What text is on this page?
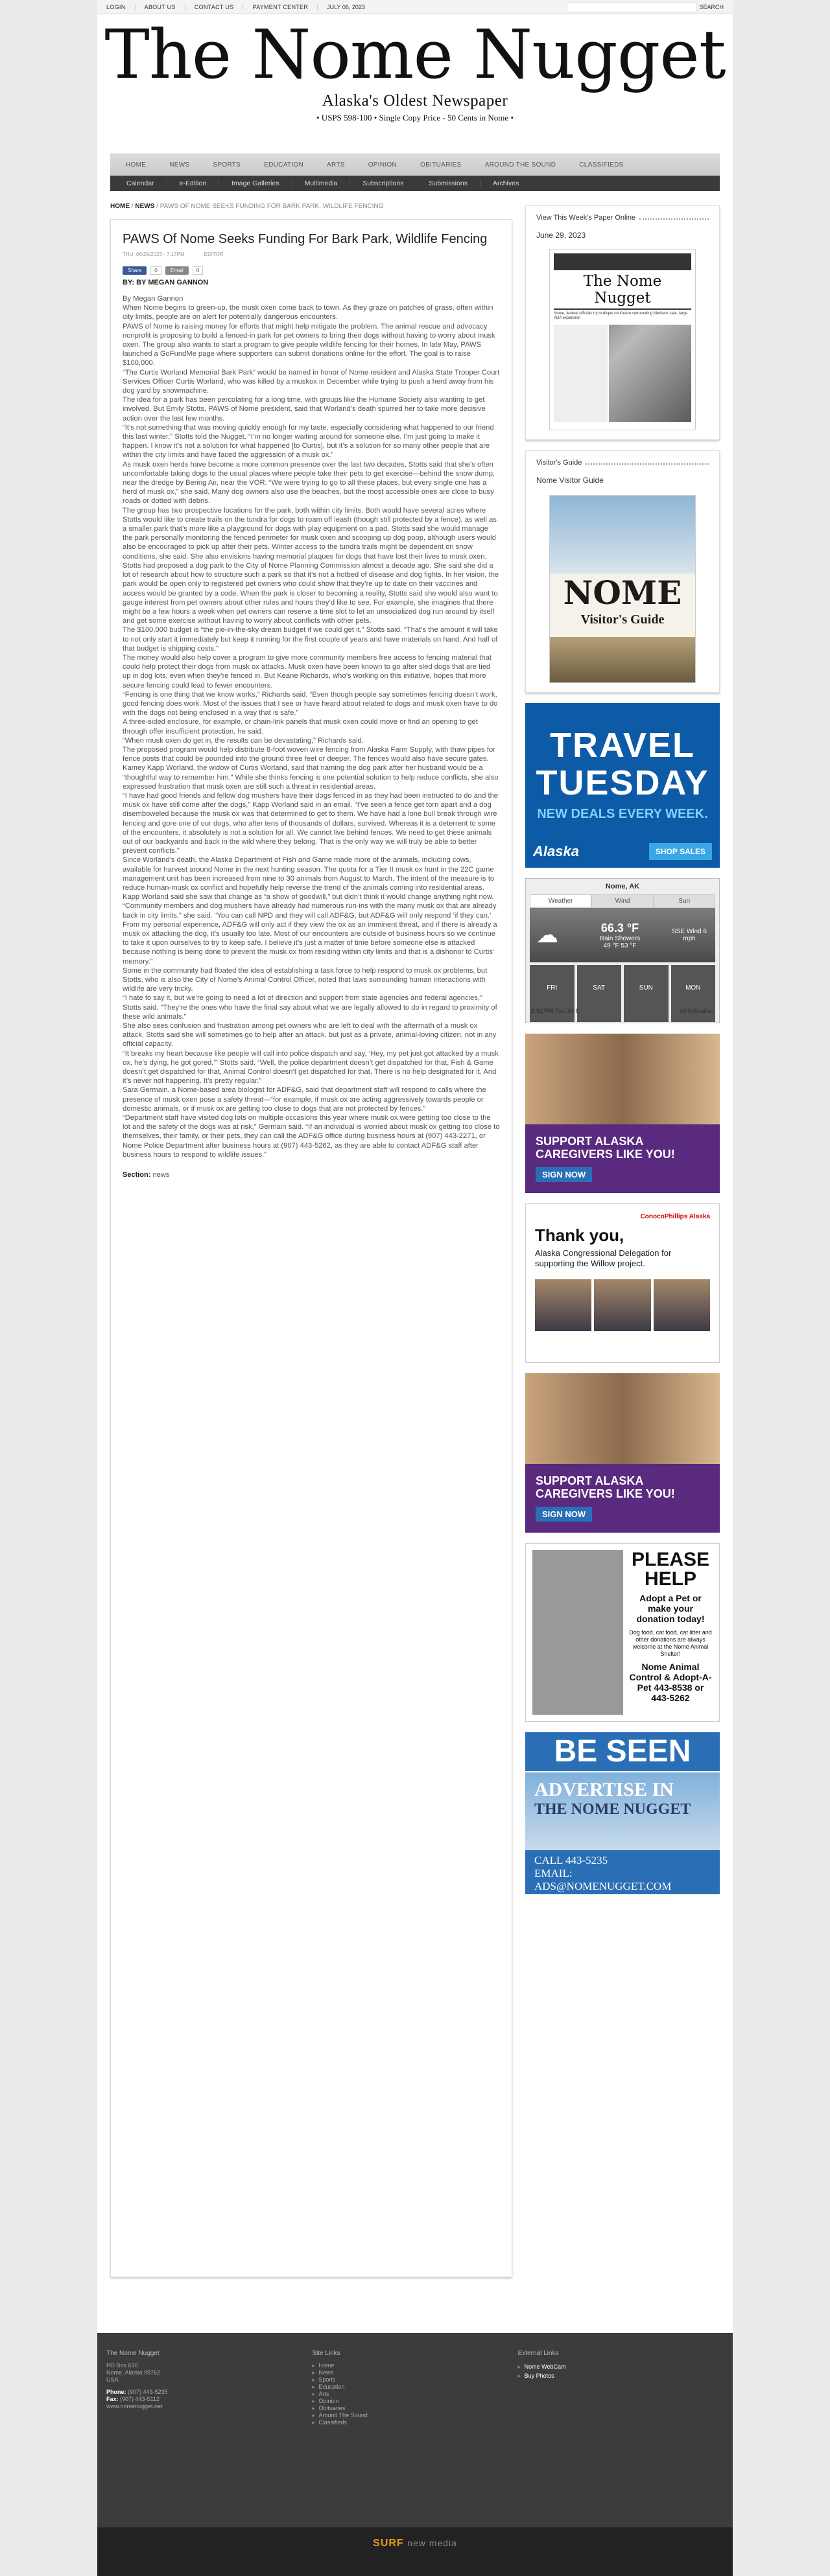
LOGIN	ABOUT US	CONTACT US	PAYMENT CENTER	JULY 06, 2023	SEARCH
The Nome Nugget
Alaska's Oldest Newspaper
• USPS 598-100 • Single Copy Price - 50 Cents in Nome •
HOME	NEWS	SPORTS	EDUCATION	ARTS	OPINION	OBITUARIES	AROUND THE SOUND	CLASSIFIEDS
Calendar	e-Edition	Image Galleries	Multimedia	Subscriptions	Submissions	Archives
HOME / NEWS / PAWS OF NOME SEEKS FUNDING FOR BARK PARK, WILDLIFE FENCING
PAWS Of Nome Seeks Funding For Bark Park, Wildlife Fencing
THU, 06/29/2023 - 7:17PM	EDITOR
Share	0	Email	0
BY: BY MEGAN GANNON

By Megan Gannon

When Nome begins to green-up, the musk oxen come back to town. As they graze on patches of grass, often within city limits, people are on alert for potentially dangerous encounters.

PAWS of Nome is raising money for efforts that might help mitigate the problem. The animal rescue and advocacy nonprofit is proposing to build a fenced-in park for pet owners to bring their dogs without having to worry about musk oxen. The group also wants to start a program to give people wildlife fencing for their homes. In late May, PAWS launched a GoFundMe page where supporters can submit donations online for the effort. The goal is to raise $100,000.

“The Curtis Worland Memorial Bark Park” would be named in honor of Nome resident and Alaska State Trooper Court Services Officer Curtis Worland, who was killed by a muskox in December while trying to push a herd away from his dog yard by snowmachine.

The idea for a park has been percolating for a long time, with groups like the Humane Society also wanting to get involved. But Emily Stotts, PAWS of Nome president, said that Worland’s death spurred her to take more decisive action over the last few months.

“It’s not something that was moving quickly enough for my taste, especially considering what happened to our friend this last winter,” Stotts told the Nugget. “I’m no longer waiting around for someone else. I’m just going to make it happen. I know it’s not a solution for what happened [to Curtis], but it’s a solution for so many other people that are within the city limits and have faced the aggression of a musk ox.”

As musk oxen herds have become a more common presence over the last two decades, Stotts said that she’s often uncomfortable taking dogs to the usual places where people take their pets to get exercise—behind the snow dump, near the dredge by Bering Air, near the VOR. “We were trying to go to all these places, but every single one has a herd of musk ox,” she said. Many dog owners also use the beaches, but the most accessible ones are close to busy roads or dotted with debris.

The group has two prospective locations for the park, both within city limits. Both would have several acres where Stotts would like to create trails on the tundra for dogs to roam off leash (though still protected by a fence), as well as a smaller park that’s more like a playground for dogs with play equipment on a pad. Stotts said she would manage the park personally monitoring the fenced perimeter for musk oxen and scooping up dog poop, although users would also be encouraged to pick up after their pets. Winter access to the tundra trails might be dependent on snow conditions, she said. She also envisions having memorial plaques for dogs that have lost their lives to musk oxen.

Stotts had proposed a dog park to the City of Nome Planning Commission almost a decade ago. She said she did a lot of research about how to structure such a park so that it’s not a hotbed of disease and dog fights. In her vision, the park would be open only to registered pet owners who could show that they’re up to date on their vaccines and access would be granted by a code. When the park is closer to becoming a reality, Stotts said she would also want to gauge interest from pet owners about other rules and hours they’d like to see. For example, she imagines that there might be a few hours a week when pet owners can reserve a time slot to let an unsocialized dog run around by itself and get some exercise without having to worry about conflicts with other pets.

The $100,000 budget is “the pie-in-the-sky dream budget if we could get it,” Stotts said. “That’s the amount it will take to not only start it immediately but keep it running for the first couple of years and have materials on hand. And half of that budget is shipping costs.”

The money would also help cover a program to give more community members free access to fencing material that could help protect their dogs from musk ox attacks. Musk oxen have been known to go after sled dogs that are tied up in dog lots, even when they’re fenced in. But Keane Richards, who’s working on this initiative, hopes that more secure fencing could lead to fewer encounters.

“Fencing is one thing that we know works,” Richards said. “Even though people say sometimes fencing doesn’t work, good fencing does work. Most of the issues that I see or have heard about related to dogs and musk oxen have to do with the dogs not being enclosed in a way that is safe.”

A three-sided enclosure, for example, or chain-link panels that musk oxen could move or find an opening to get through offer insufficient protection, he said.

“When musk oxen do get in, the results can be devastating,” Richards said.

The proposed program would help distribute 8-foot woven wire fencing from Alaska Farm Supply, with thaw pipes for fence posts that could be pounded into the ground three feet or deeper. The fences would also have secure gates.

Kamey Kapp Worland, the widow of Curtis Worland, said that naming the dog park after her husband would be a “thoughtful way to remember him.” While she thinks fencing is one potential solution to help reduce conflicts, she also expressed frustration that musk oxen are still such a threat in residential areas.

“I have had good friends and fellow dog mushers have their dogs fenced in as they had been instructed to do and the musk ox have still come after the dogs,” Kapp Worland said in an email. “I’ve seen a fence get torn apart and a dog disemboweled because the musk ox was that determined to get to them. We have had a lone bull break through wire fencing and gore one of our dogs, who after tens of thousands of dollars, survived. Whereas it is a deterrent to some of the encounters, it absolutely is not a solution for all. We cannot live behind fences. We need to get these animals out of our backyards and back in the wild where they belong. That is the only way we will truly be able to better prevent conflicts.”

Since Worland’s death, the Alaska Department of Fish and Game made more of the animals, including cows, available for harvest around Nome in the next hunting season. The quota for a Tier II musk ox hunt in the 22C game management unit has been increased from nine to 30 animals from August to March. The intent of the measure is to reduce human-musk ox conflict and hopefully help reverse the trend of the animals coming into residential areas.

Kapp Worland said she saw that change as “a show of goodwill,” but didn’t think it would change anything right now.

“Community members and dog mushers have already had numerous run-ins with the many musk ox that are already back in city limits,” she said. “You can call NPD and they will call ADF&G, but ADF&G will only respond ‘if they can.’ From my personal experience, ADF&G will only act if they view the ox as an imminent threat, and if there is already a musk ox attacking the dog, it’s usually too late. Most of our encounters are outside of business hours so we continue to take it upon ourselves to try to keep safe. I believe it’s just a matter of time before someone else is attacked because nothing is being done to prevent the musk ox from residing within city limits and that is a dishonor to Curtis’ memory.”

Some in the community had floated the idea of establishing a task force to help respond to musk ox problems, but Stotts, who is also the City of Nome’s Animal Control Officer, noted that laws surrounding human interactions with wildlife are very tricky.

“I hate to say it, but we’re going to need a lot of direction and support from state agencies and federal agencies,” Stotts said. “They’re the ones who have the final say about what we are legally allowed to do in regard to proximity of these wild animals.”

She also sees confusion and frustration among pet owners who are left to deal with the aftermath of a musk ox attack. Stotts said she will sometimes go to help after an attack, but just as a private, animal-loving citizen, not in any official capacity.

“It breaks my heart because like people will call into police dispatch and say, ‘Hey, my pet just got attacked by a musk ox, he’s dying, he got gored,’” Stotts said. “Well, the police department doesn’t get dispatched for that, Fish & Game doesn’t get dispatched for that, Animal Control doesn’t get dispatched for that. There is no help designated for it. And it’s never not happening. It’s pretty regular.”

Sara Germain, a Nome-based area biologist for ADF&G, said that department staff will respond to calls where the presence of musk oxen pose a safety threat—“for example, if musk ox are acting aggressively towards people or domestic animals, or if musk ox are getting too close to dogs that are not protected by fences.”

“Department staff have visited dog lots on multiple occasions this year where musk ox were getting too close to the lot and the safety of the dogs was at risk,” Germain said. “If an individual is worried about musk ox getting too close to themselves, their family, or their pets, they can call the ADF&G office during business hours at (907) 443-2271, or Nome Police Department after business hours at (907) 443-5262, as they are able to contact ADF&G staff after business hours to respond to wildlife issues.”

Section: news
View This Week's Paper Online
June 29, 2023
The Nome Nugget
Nome, federal officials try to dispel confusion surrounding Merbeck sale, large ADA expansion
Visitor's Guide
Nome Visitor Guide
NOME
Visitor's Guide
TRAVEL
TUESDAY
NEW DEALS EVERY WEEK.
Alaska	SHOP SALES
Nome, AK
Weather	Wind	Sun
☁	66.3 °F
Rain Showers
49 °F 53 °F
SSE Wind 6 mph
FRI	SAT	SUN	MON
2:51 PM Thu Jul 6	WillyWeather
SUPPORT ALASKA CAREGIVERS LIKE YOU!
SIGN NOW
ConocoPhillips Alaska
Thank you,
Alaska Congressional Delegation for supporting the Willow project.
SUPPORT ALASKA CAREGIVERS LIKE YOU!
SIGN NOW
PLEASE HELP
Adopt a Pet or make your donation today!
Dog food, cat food, cat litter and other donations are always welcome at the Nome Animal Shelter!
Nome Animal Control & Adopt-A-Pet 443-8538 or 443-5262
BE SEEN
ADVERTISE IN
THE NOME NUGGET
CALL 443-5235
EMAIL: ADS@NOMENUGGET.COM
The Nome Nugget
PO Box 610
Nome, Alaska 99762
USA
Phone: (907) 443-5235
Fax: (907) 443-5112
www.nomenugget.net
Site Links
▸ Home
▸ News
▸ Sports
▸ Education
▸ Arts
▸ Opinion
▸ Obituaries
▸ Around The Sound
▸ Classifieds
External Links
▸ Nome WebCam
▸ Buy Photos
SURF new media
